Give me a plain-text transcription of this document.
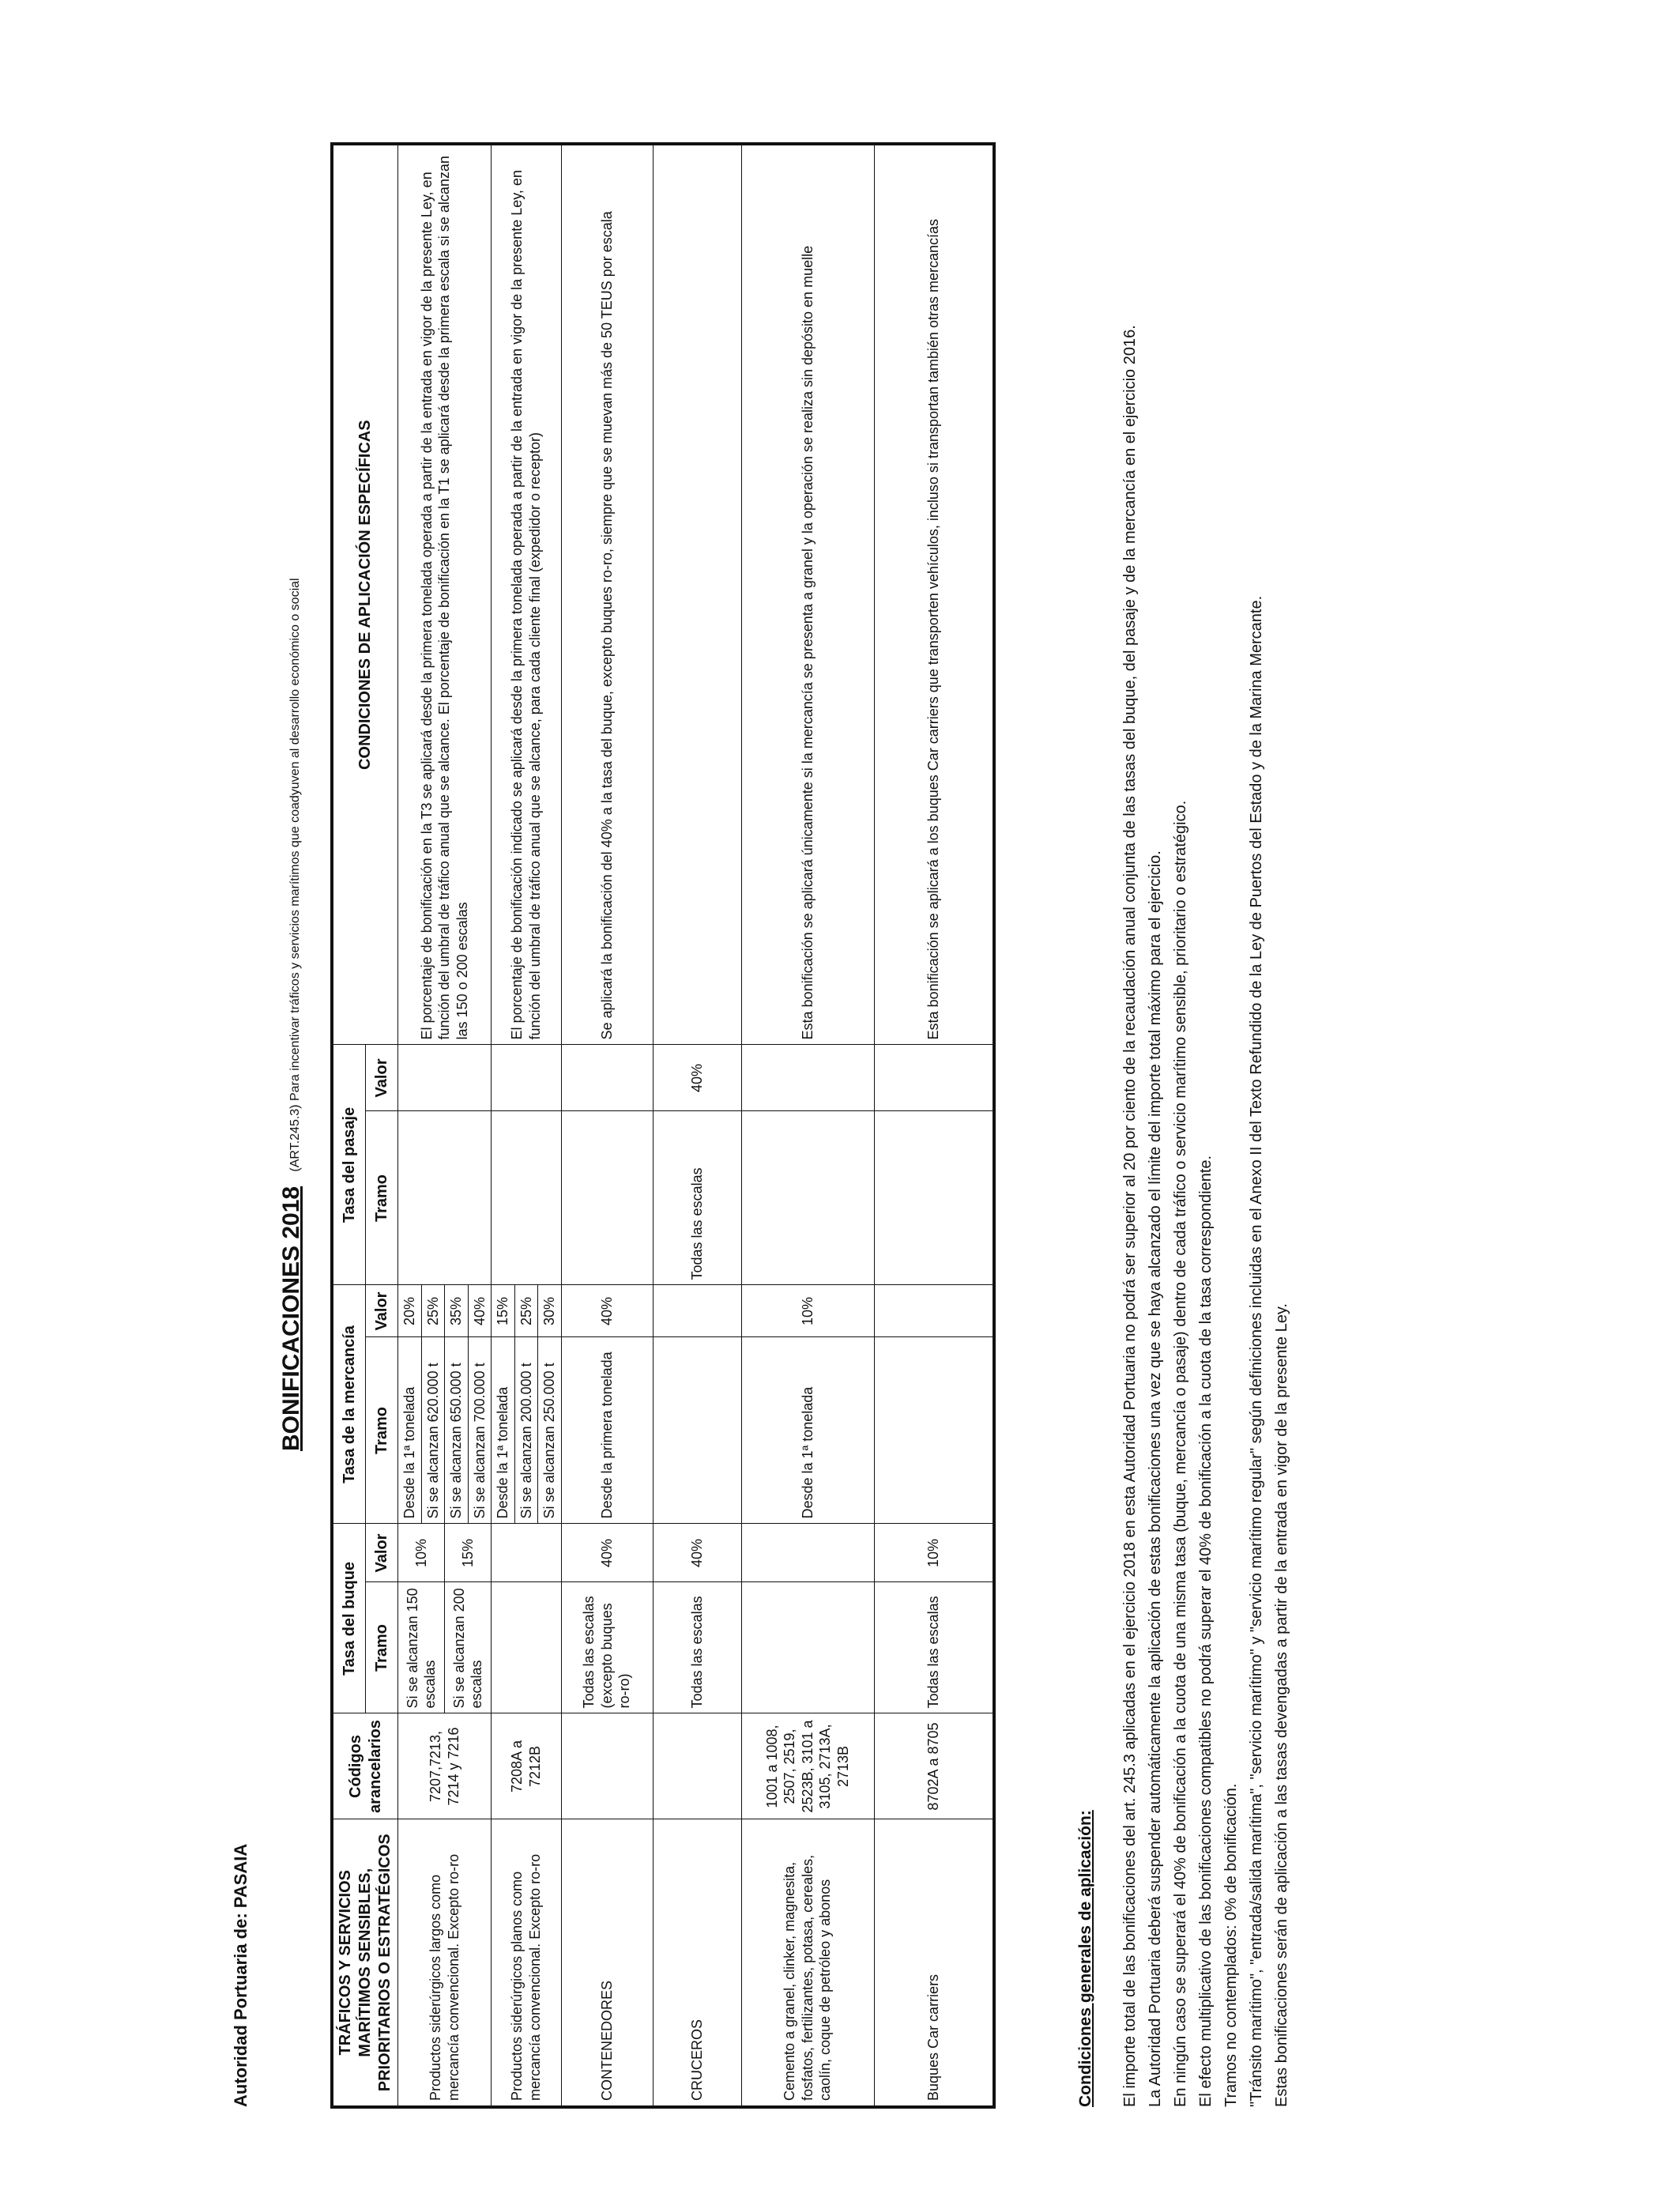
Autoridad Portuaria de: PASAIA
BONIFICACIONES 2018 (ART.245.3) Para incentivar tráficos y servicios marítimos que coadyuven al desarrollo económico o social
TRÁFICOS Y SERVICIOS MARÍTIMOS SENSIBLES, PRIORITARIOS O ESTRATÉGICOS	Códigos arancelarios	Tasa del buque		Tasa de la mercancía		Tasa del pasaje		CONDICIONES DE APLICACIÓN ESPECÍFICAS
		Tramo	Valor	Tramo	Valor	Tramo	Valor	
Productos siderúrgicos largos como mercancía convencional. Excepto ro-ro	7207,7213, 7214 y 7216	Si se alcanzan 150 escalas	10%	Desde la 1ª tonelada	20%			El porcentaje de bonificación en la T3 se aplicará desde la primera tonelada operada a partir de la entrada en vigor de la presente Ley, en función del umbral de tráfico anual que se alcance. El porcentaje de bonificación en la T1 se aplicará desde la primera escala si se alcanzan las 150 o 200 escalas
				Si se alcanzan 620.000 t	25%			
		Si se alcanzan 200 escalas	15%	Si se alcanzan 650.000 t	35%			
				Si se alcanzan 700.000 t	40%			
Productos siderúrgicos planos como mercancía convencional. Excepto ro-ro	7208A a 7212B			Desde la 1ª tonelada	15%			El porcentaje de bonificación indicado se aplicará desde la primera tonelada operada a partir de la entrada en vigor de la presente Ley, en función del umbral de tráfico anual que se alcance, para cada cliente final (expedidor o receptor)
				Si se alcanzan 200.000 t	25%			
				Si se alcanzan 250.000 t	30%			
CONTENEDORES		Todas las escalas (excepto buques ro-ro)	40%	Desde la primera tonelada	40%			Se aplicará la bonificación del 40% a la tasa del buque, excepto buques ro-ro, siempre que se muevan más de 50 TEUS por escala
CRUCEROS		Todas las escalas	40%			Todas las escalas	40%	
Cemento a granel, clinker, magnesita, fosfatos, fertilizantes, potasa, cereales, caolín, coque de petróleo y abonos	1001 a 1008, 2507, 2519, 2523B, 3101 a 3105, 2713A, 2713B			Desde la 1ª tonelada	10%			Esta bonificación se aplicará únicamente si la mercancía se presenta a granel y la operación se realiza sin depósito en muelle
Buques Car carriers	8702A a 8705	Todas las escalas	10%					Esta bonificación se aplicará a los buques Car carriers que transporten vehículos, incluso si transportan también otras mercancías
Condiciones generales de aplicación: El importe total de las bonificaciones del art. 245.3 aplicadas en el ejercicio 2018 en esta Autoridad Portuaria no podrá ser superior al 20 por ciento de la recaudación anual conjunta de las tasas del buque, del pasaje y de la mercancía en el ejercicio 2016. La Autoridad Portuaria deberá suspender automáticamente la aplicación de estas bonificaciones una vez que se haya alcanzado el límite del importe total máximo para el ejercicio. En ningún caso se superará el 40% de bonificación a la cuota de una misma tasa (buque, mercancía o pasaje) dentro de cada tráfico o servicio marítimo sensible, prioritario o estratégico. El efecto multiplicativo de las bonificaciones compatibles no podrá superar el 40% de bonificación a la cuota de la tasa correspondiente. Tramos no contemplados: 0% de bonificación. "Tránsito marítimo", "entrada/salida marítima", "servicio marítimo" y "servicio marítimo regular" según definiciones incluidas en el Anexo II del Texto Refundido de la Ley de Puertos del Estado y de la Marina Mercante. Estas bonificaciones serán de aplicación a las tasas devengadas a partir de la entrada en vigor de la presente Ley.
